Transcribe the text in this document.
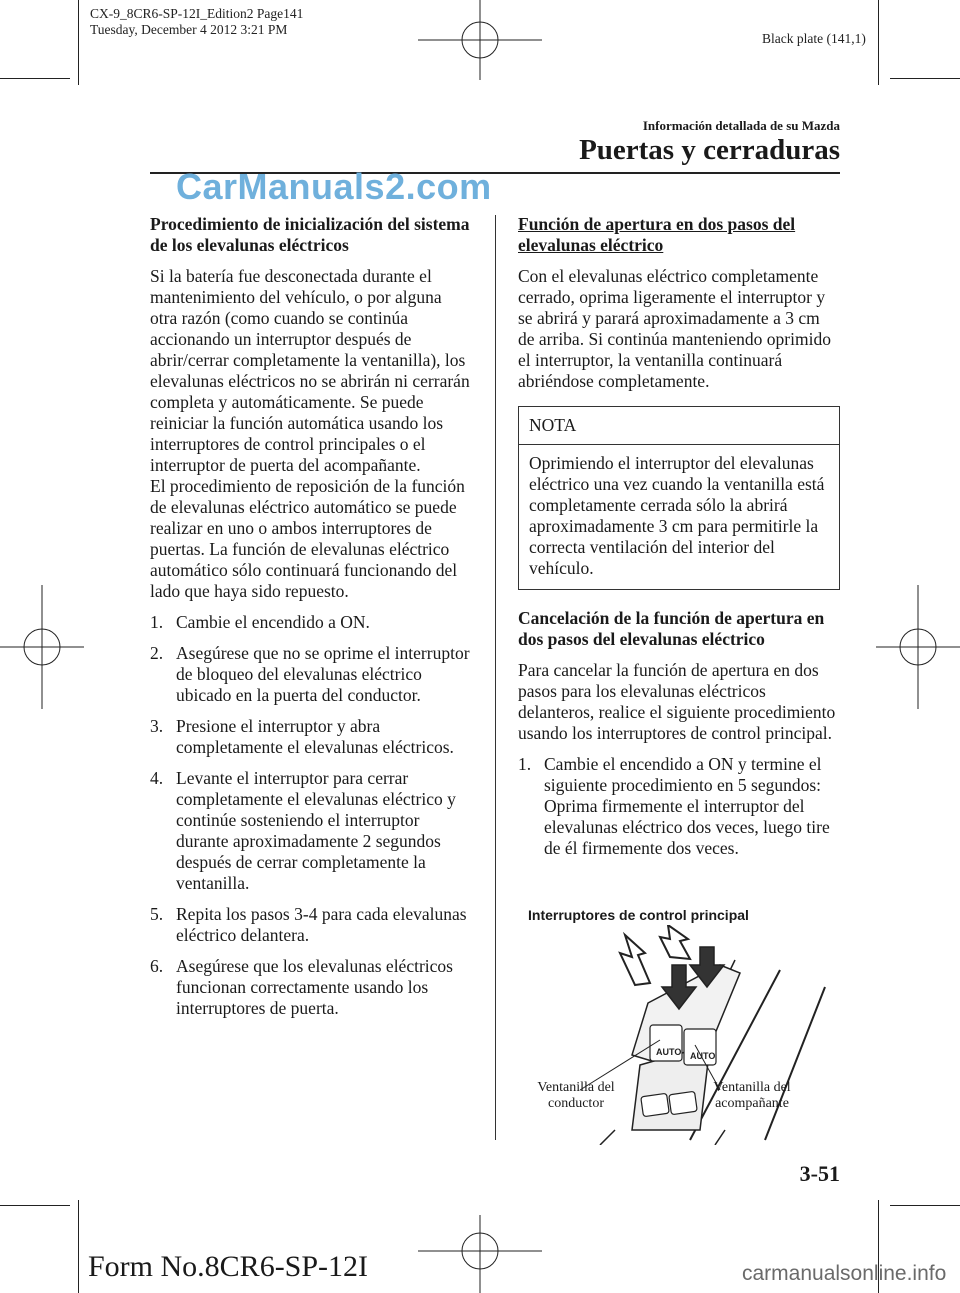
CX-9_8CR6-SP-12I_Edition2 Page141
Tuesday, December 4 2012 3:21 PM
Black plate (141,1)
Información detallada de su Mazda
Puertas y cerraduras
CarManuals2.com

Procedimiento de inicialización del sistema de los elevalunas eléctricos

Si la batería fue desconectada durante el mantenimiento del vehículo, o por alguna otra razón (como cuando se continúa accionando un interruptor después de abrir/cerrar completamente la ventanilla), los elevalunas eléctricos no se abrirán ni cerrarán completa y automáticamente. Se puede reiniciar la función automática usando los interruptores de control principales o el interruptor de puerta del acompañante.

El procedimiento de reposición de la función de elevalunas eléctrico automático se puede realizar en uno o ambos interruptores de puertas. La función de elevalunas eléctrico automático sólo continuará funcionando del lado que haya sido repuesto.

1. Cambie el encendido a ON.
2. Asegúrese que no se oprime el interruptor de bloqueo del elevalunas eléctrico ubicado en la puerta del conductor.
3. Presione el interruptor y abra completamente el elevalunas eléctricos.
4. Levante el interruptor para cerrar completamente el elevalunas eléctrico y continúe sosteniendo el interruptor durante aproximadamente 2 segundos después de cerrar completamente la ventanilla.
5. Repita los pasos 3-4 para cada elevalunas eléctrico delantera.
6. Asegúrese que los elevalunas eléctricos funcionan correctamente usando los interruptores de puerta.

Función de apertura en dos pasos del elevalunas eléctrico

Con el elevalunas eléctrico completamente cerrado, oprima ligeramente el interruptor y se abrirá y parará aproximadamente a 3 cm de arriba. Si continúa manteniendo oprimido el interruptor, la ventanilla continuará abriéndose completamente.

NOTA
Oprimiendo el interruptor del elevalunas eléctrico una vez cuando la ventanilla está completamente cerrada sólo la abrirá aproximadamente 3 cm para permitirle la correcta ventilación del interior del vehículo.

Cancelación de la función de apertura en dos pasos del elevalunas eléctrico

Para cancelar la función de apertura en dos pasos para los elevalunas eléctricos delanteros, realice el siguiente procedimiento usando los interruptores de control principal.

1. Cambie el encendido a ON y termine el siguiente procedimiento en 5 segundos: Oprima firmemente el interruptor del elevalunas eléctrico dos veces, luego tire de él firmemente dos veces.
Interruptores de control principal
AUTO AUTO
Ventanilla del conductor
Ventanilla del acompañante
3-51
Form No.8CR6-SP-12I	carmanualsonline.info
